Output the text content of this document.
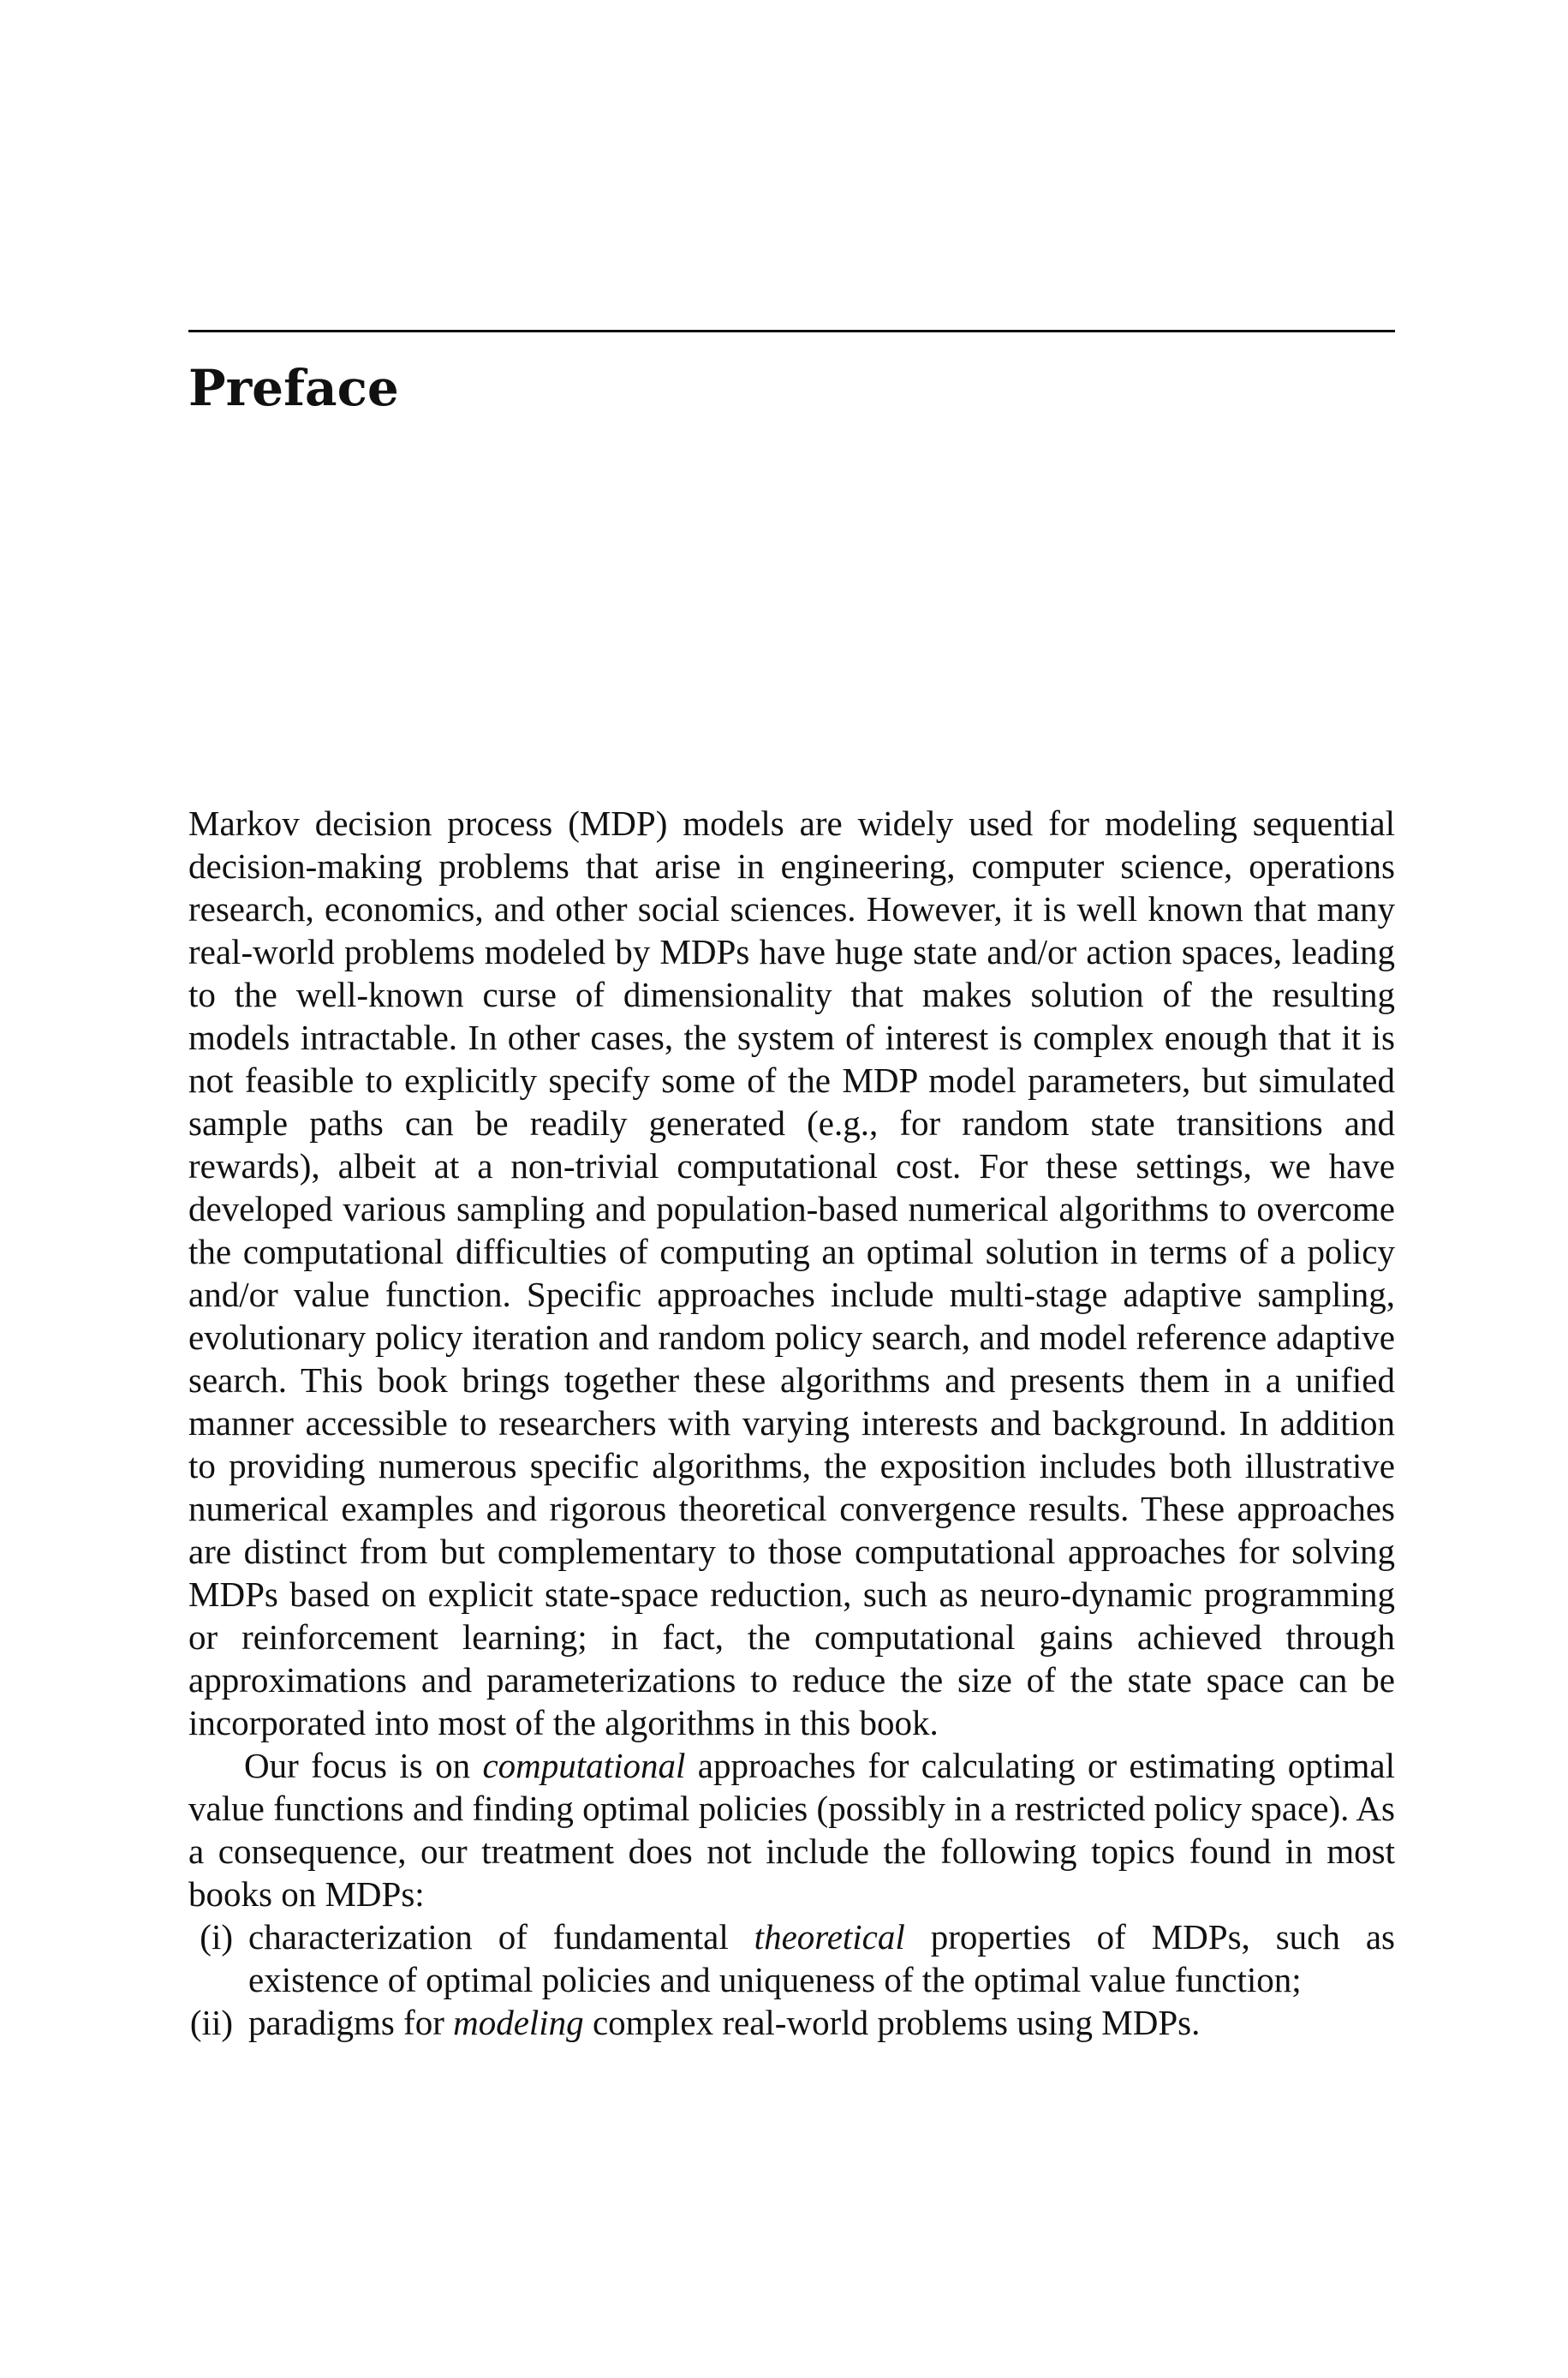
Preface

Markov decision process (MDP) models are widely used for modeling sequential decision-making problems that arise in engineering, computer science, operations research, economics, and other social sciences. However, it is well known that many real-world problems modeled by MDPs have huge state and/or action spaces, leading to the well-known curse of dimensionality that makes solution of the resulting models intractable. In other cases, the system of interest is complex enough that it is not feasible to explicitly specify some of the MDP model parameters, but simulated sample paths can be readily generated (e.g., for random state transitions and rewards), albeit at a non-trivial computational cost. For these settings, we have developed various sampling and population-based numerical algorithms to overcome the computational difficulties of computing an optimal solution in terms of a policy and/or value function. Specific approaches include multi-stage adaptive sampling, evolutionary policy iteration and random policy search, and model reference adaptive search. This book brings together these algorithms and presents them in a unified manner accessible to researchers with varying interests and background. In addition to providing numerous specific algorithms, the exposition includes both illustrative numerical examples and rigorous theoretical convergence results. These approaches are distinct from but complementary to those computational approaches for solving MDPs based on explicit state-space reduction, such as neuro-dynamic programming or reinforcement learning; in fact, the computational gains achieved through approximations and parameterizations to reduce the size of the state space can be incorporated into most of the algorithms in this book.

Our focus is on computational approaches for calculating or estimating optimal value functions and finding optimal policies (possibly in a restricted policy space). As a consequence, our treatment does not include the following topics found in most books on MDPs:

(i) characterization of fundamental theoretical properties of MDPs, such as existence of optimal policies and uniqueness of the optimal value function;
(ii) paradigms for modeling complex real-world problems using MDPs.
